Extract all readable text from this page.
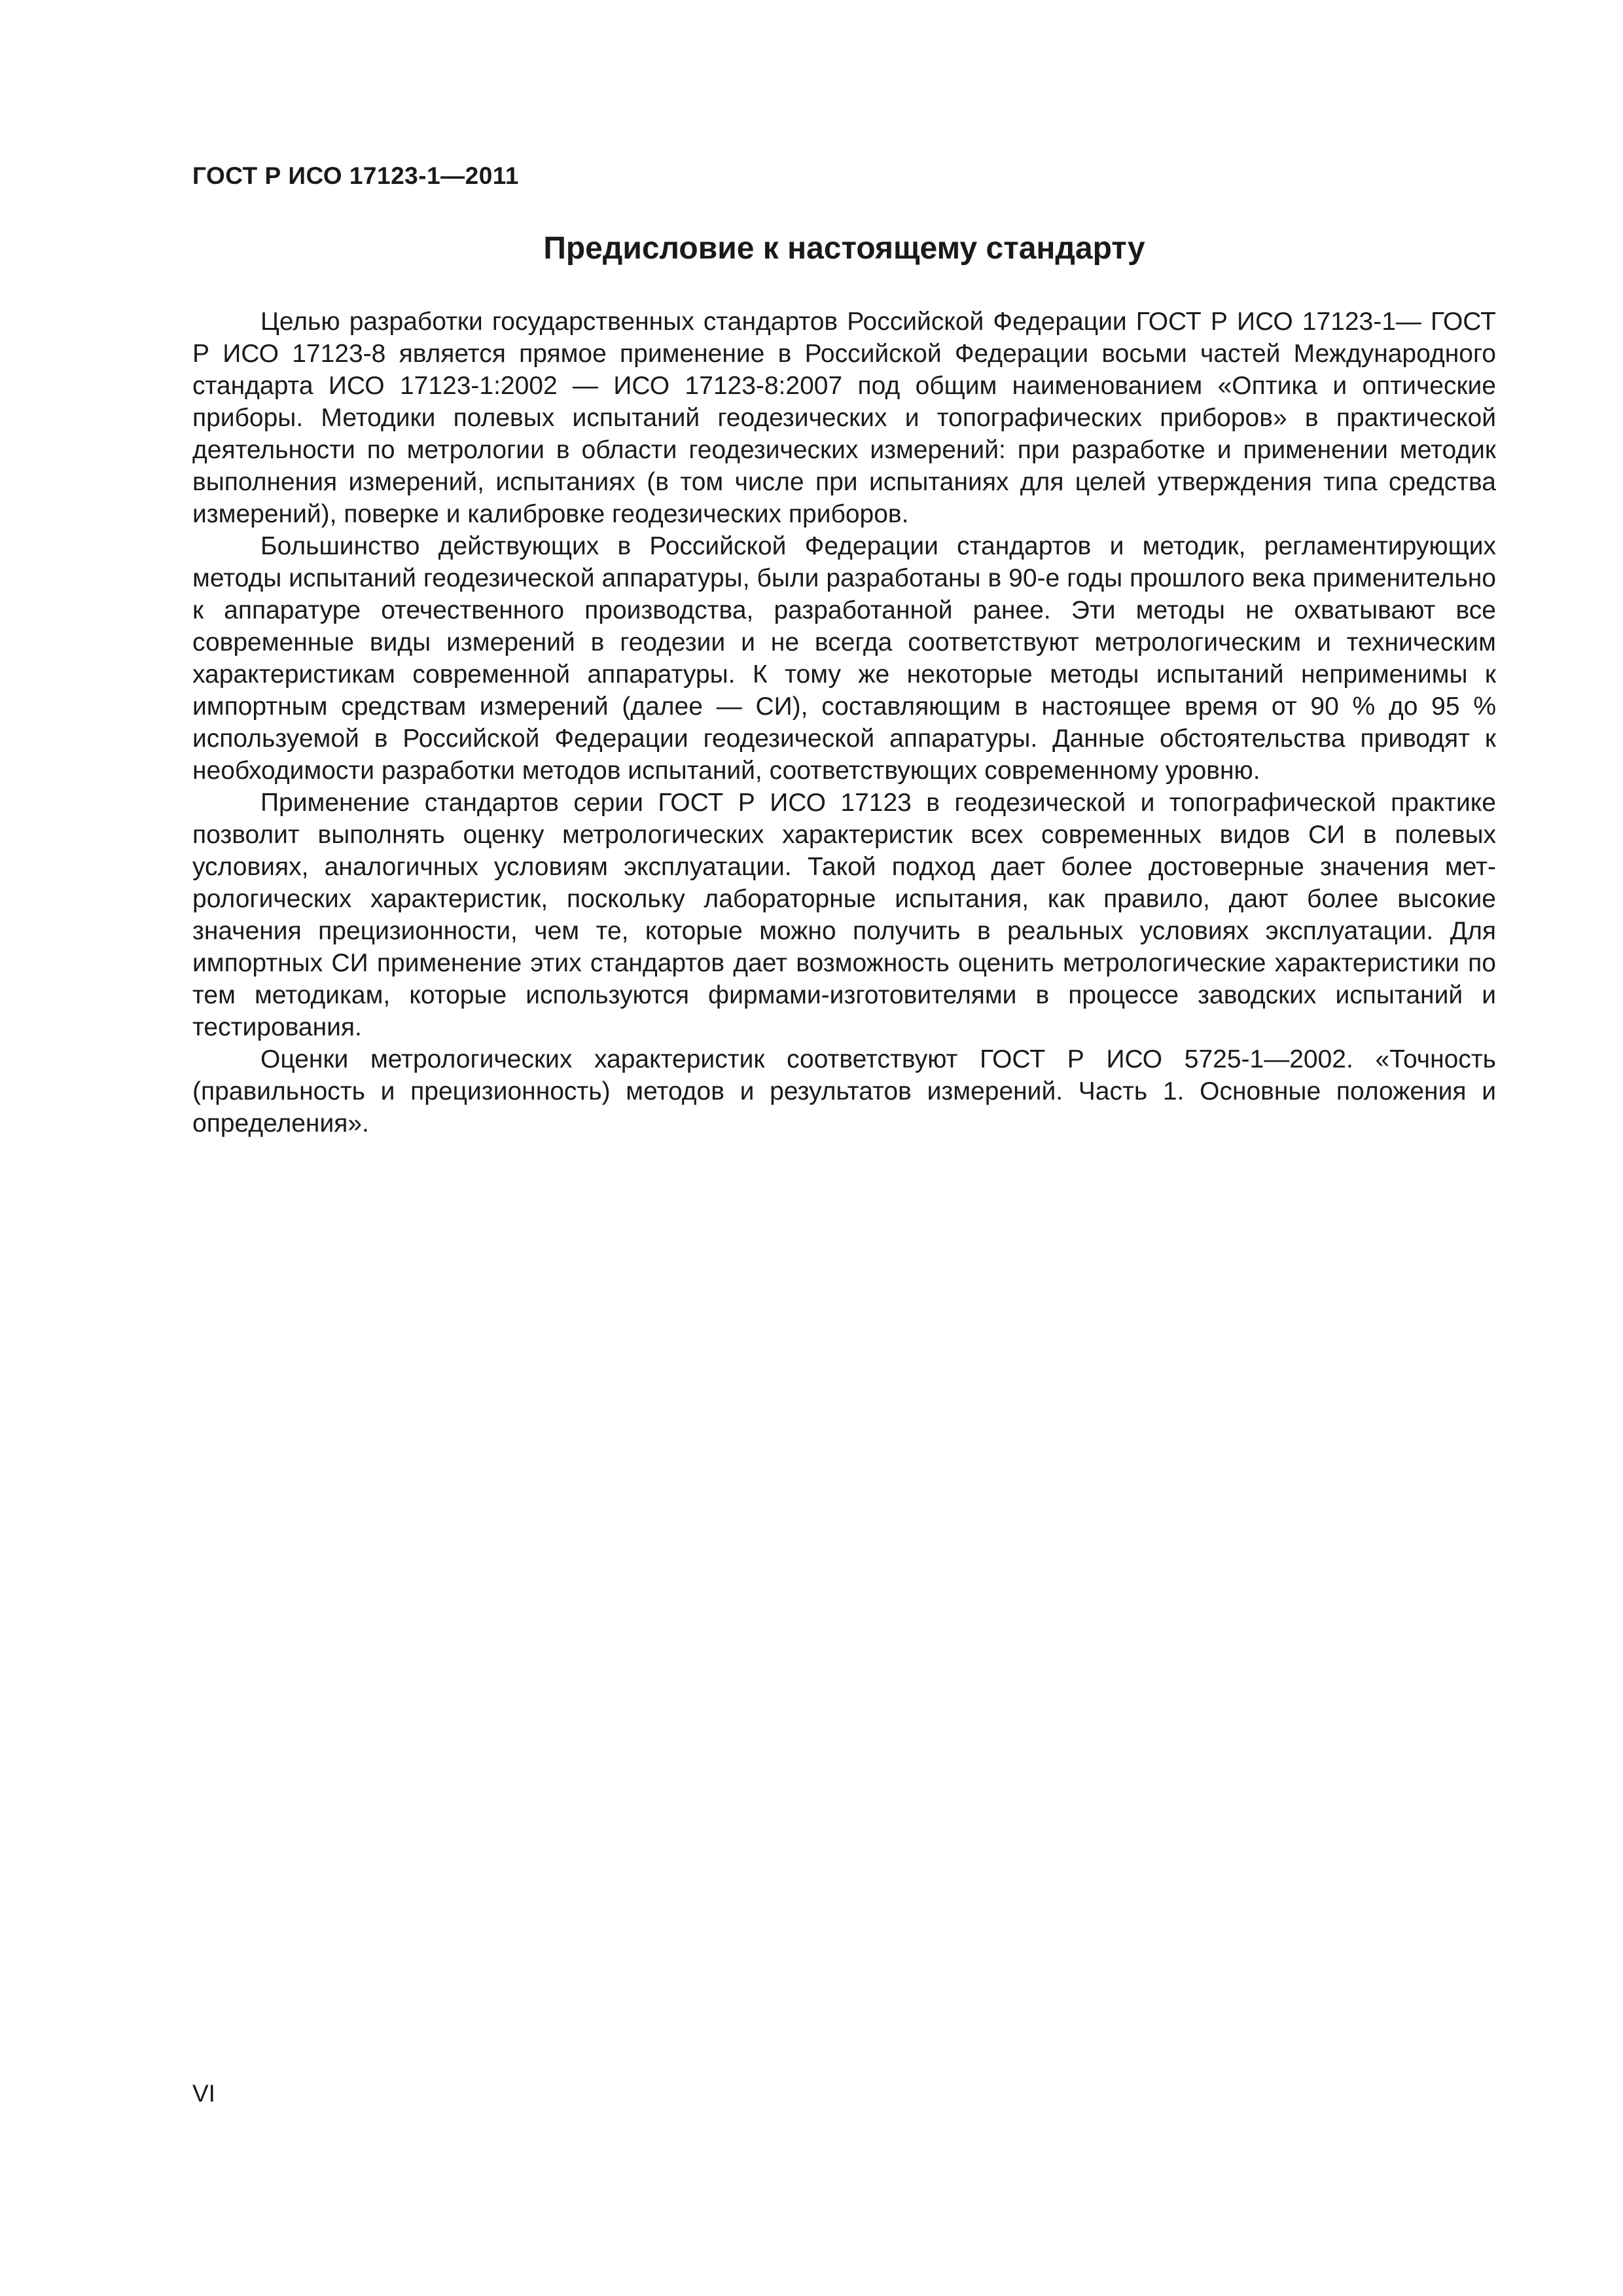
ГОСТ Р ИСО 17123-1—2011

Предисловие к настоящему стандарту

Целью разработки государственных стандартов Российской Федерации ГОСТ Р ИСО 17123-1— ГОСТ Р ИСО 17123-8 является прямое применение в Российской Федерации восьми частей Международного стандарта ИСО 17123-1:2002 — ИСО 17123-8:2007 под общим наименованием «Оптика и оптические приборы. Методики полевых испытаний геодезических и топографических приборов» в практической деятельности по метрологии в области геодезических измерений: при разработке и применении методик выполнения измерений, испытаниях (в том числе при испытаниях для целей утверждения типа средства измерений), поверке и калибровке геодезических приборов.

Большинство действующих в Российской Федерации стандартов и методик, регламентирующих методы испытаний геодезической аппаратуры, были разработаны в 90-е годы прошлого века применительно к аппаратуре отечественного производства, разработанной ранее. Эти методы не охватывают все современные виды измерений в геодезии и не всегда соответствуют метрологическим и техническим характеристикам современной аппаратуры. К тому же некоторые методы испытаний неприменимы к импортным средствам измерений (далее — СИ), составляющим в настоящее время от 90 % до 95 % используемой в Российской Федерации геодезической аппаратуры. Данные обстоятельства приводят к необходимости разработки методов испытаний, соответствующих современному уровню.

Применение стандартов серии ГОСТ Р ИСО 17123 в геодезической и топографической практике позволит выполнять оценку метрологических характеристик всех современных видов СИ в полевых условиях, аналогичных условиям эксплуатации. Такой подход дает более достоверные значения метрологических характеристик, поскольку лабораторные испытания, как правило, дают более высокие значения прецизионности, чем те, которые можно получить в реальных условиях эксплуатации. Для импортных СИ применение этих стандартов дает возможность оценить метрологические характеристики по тем методикам, которые используются фирмами-изготовителями в процессе заводских испытаний и тестирования.

Оценки метрологических характеристик соответствуют ГОСТ Р ИСО 5725-1—2002. «Точность (правильность и прецизионность) методов и результатов измерений. Часть 1. Основные положения и определения».

VI
